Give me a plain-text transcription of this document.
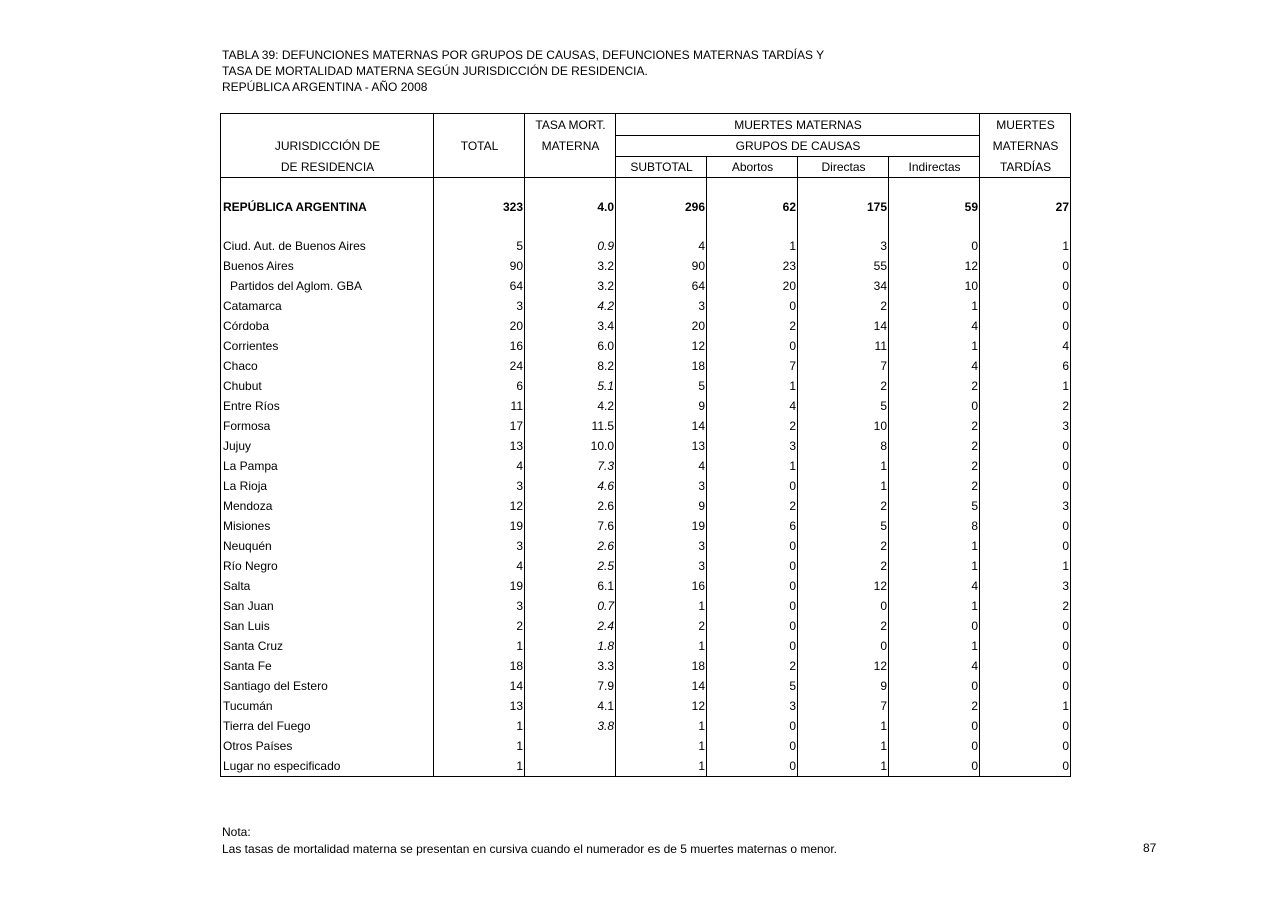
TABLA 39: DEFUNCIONES MATERNAS POR GRUPOS DE CAUSAS, DEFUNCIONES MATERNAS TARDÍAS Y
TASA DE MORTALIDAD MATERNA SEGÚN JURISDICCIÓN DE RESIDENCIA.
REPÚBLICA ARGENTINA - AÑO 2008
		TASA MORT.	MUERTES MATERNAS				MUERTES
JURISDICCIÓN DE	TOTAL	MATERNA	GRUPOS DE CAUSAS				MATERNAS
DE RESIDENCIA			SUBTOTAL	Abortos	Directas	Indirectas	TARDÍAS

REPÚBLICA ARGENTINA	323	4.0	296	62	175	59	27

Ciud. Aut. de Buenos Aires	5	0.9	4	1	3	0	1
Buenos Aires	90	3.2	90	23	55	12	0
Partidos del Aglom. GBA	64	3.2	64	20	34	10	0
Catamarca	3	4.2	3	0	2	1	0
Córdoba	20	3.4	20	2	14	4	0
Corrientes	16	6.0	12	0	11	1	4
Chaco	24	8.2	18	7	7	4	6
Chubut	6	5.1	5	1	2	2	1
Entre Ríos	11	4.2	9	4	5	0	2
Formosa	17	11.5	14	2	10	2	3
Jujuy	13	10.0	13	3	8	2	0
La Pampa	4	7.3	4	1	1	2	0
La Rioja	3	4.6	3	0	1	2	0
Mendoza	12	2.6	9	2	2	5	3
Misiones	19	7.6	19	6	5	8	0
Neuquén	3	2.6	3	0	2	1	0
Río Negro	4	2.5	3	0	2	1	1
Salta	19	6.1	16	0	12	4	3
San Juan	3	0.7	1	0	0	1	2
San Luis	2	2.4	2	0	2	0	0
Santa Cruz	1	1.8	1	0	0	1	0
Santa Fe	18	3.3	18	2	12	4	0
Santiago del Estero	14	7.9	14	5	9	0	0
Tucumán	13	4.1	12	3	7	2	1
Tierra del Fuego	1	3.8	1	0	1	0	0
Otros Países	1		1	0	1	0	0
Lugar no especificado	1		1	0	1	0	0
Nota:
Las tasas de mortalidad materna se presentan en cursiva cuando el numerador es de 5 muertes maternas o menor.	87
